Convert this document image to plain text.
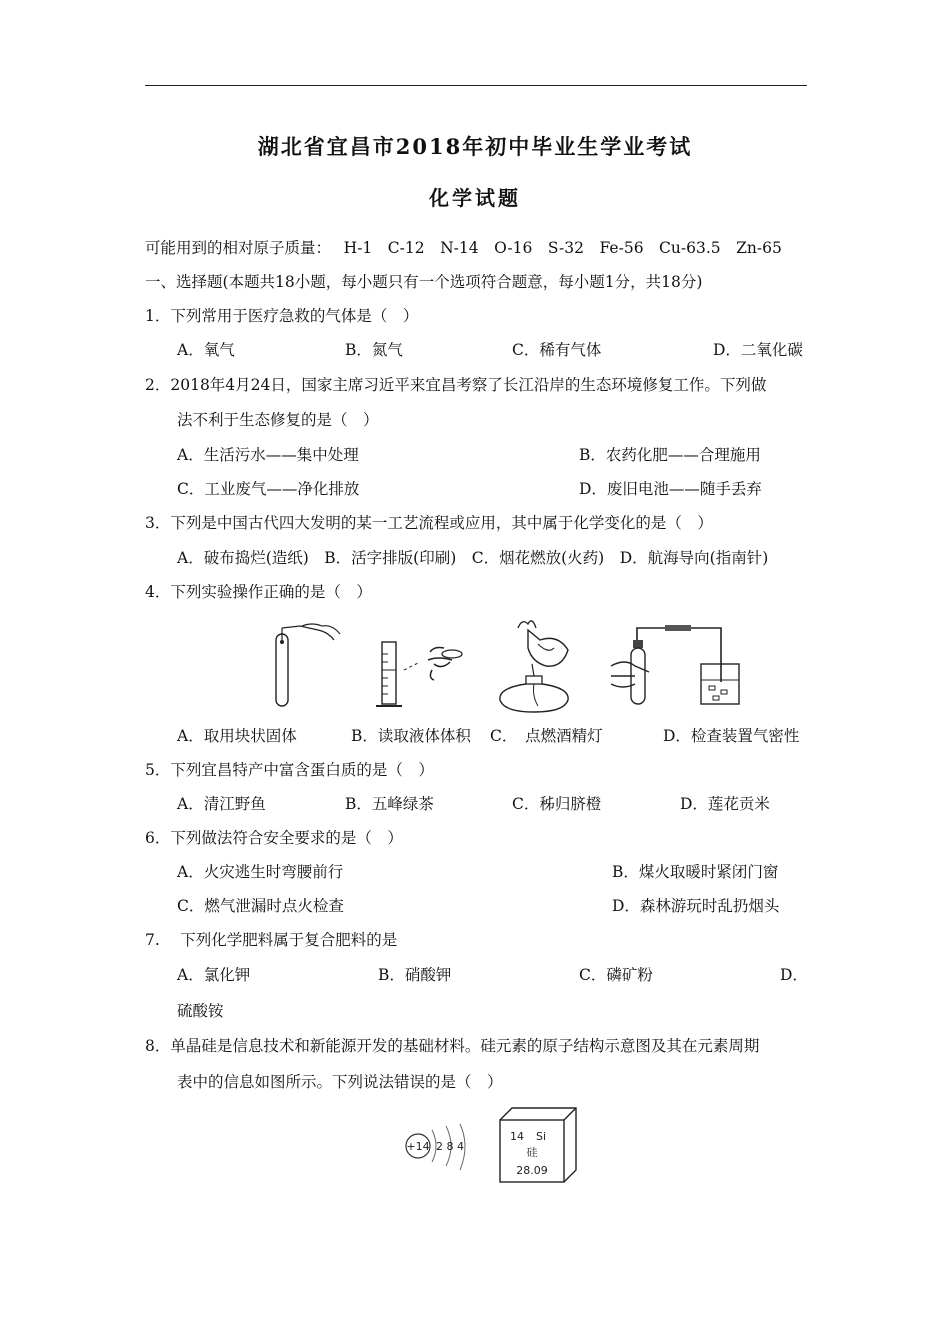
湖北省宜昌市2018年初中毕业生学业考试
化学试题
可能用到的相对原子质量：　 H-1　C-12　N-14　O-16　S-32　Fe-56　Cu-63.5　Zn-65
一、选择题(本题共18小题，每小题只有一个选项符合题意，每小题1分，共18分)
1．下列常用于医疗急救的气体是（　）
A．氧气	B．氮气	C．稀有气体	D．二氧化碳
2．2018年4月24日，国家主席习近平来宜昌考察了长江沿岸的生态环境修复工作。下列做
法不利于生态修复的是（　）
A．生活污水——集中处理	B．农药化肥——合理施用
C．工业废气——净化排放	D．废旧电池——随手丢弃
3．下列是中国古代四大发明的某一工艺流程或应用，其中属于化学变化的是（　）
A．破布捣烂(造纸)　B．活字排版(印刷)　C．烟花燃放(火药)　D．航海导向(指南针)
4．下列实验操作正确的是（　）
A．取用块状固体	B．读取液体体积 C．　点燃酒精灯	D．检查装置气密性
5．下列宜昌特产中富含蛋白质的是（　）
A．清江野鱼	B．五峰绿茶	C．秭归脐橙	D．莲花贡米
6．下列做法符合安全要求的是（　）
A．火灾逃生时弯腰前行	B．煤火取暖时紧闭门窗
C．燃气泄漏时点火检查	D．森林游玩时乱扔烟头
7.　 下列化学肥料属于复合肥料的是
A．氯化钾	B．硝酸钾	C．磷矿粉	D．
硫酸铵
8．单晶硅是信息技术和新能源开发的基础材料。硅元素的原子结构示意图及其在元素周期
表中的信息如图所示。下列说法错误的是（　）
+14 2 8 4
14 Si
硅
28.09
